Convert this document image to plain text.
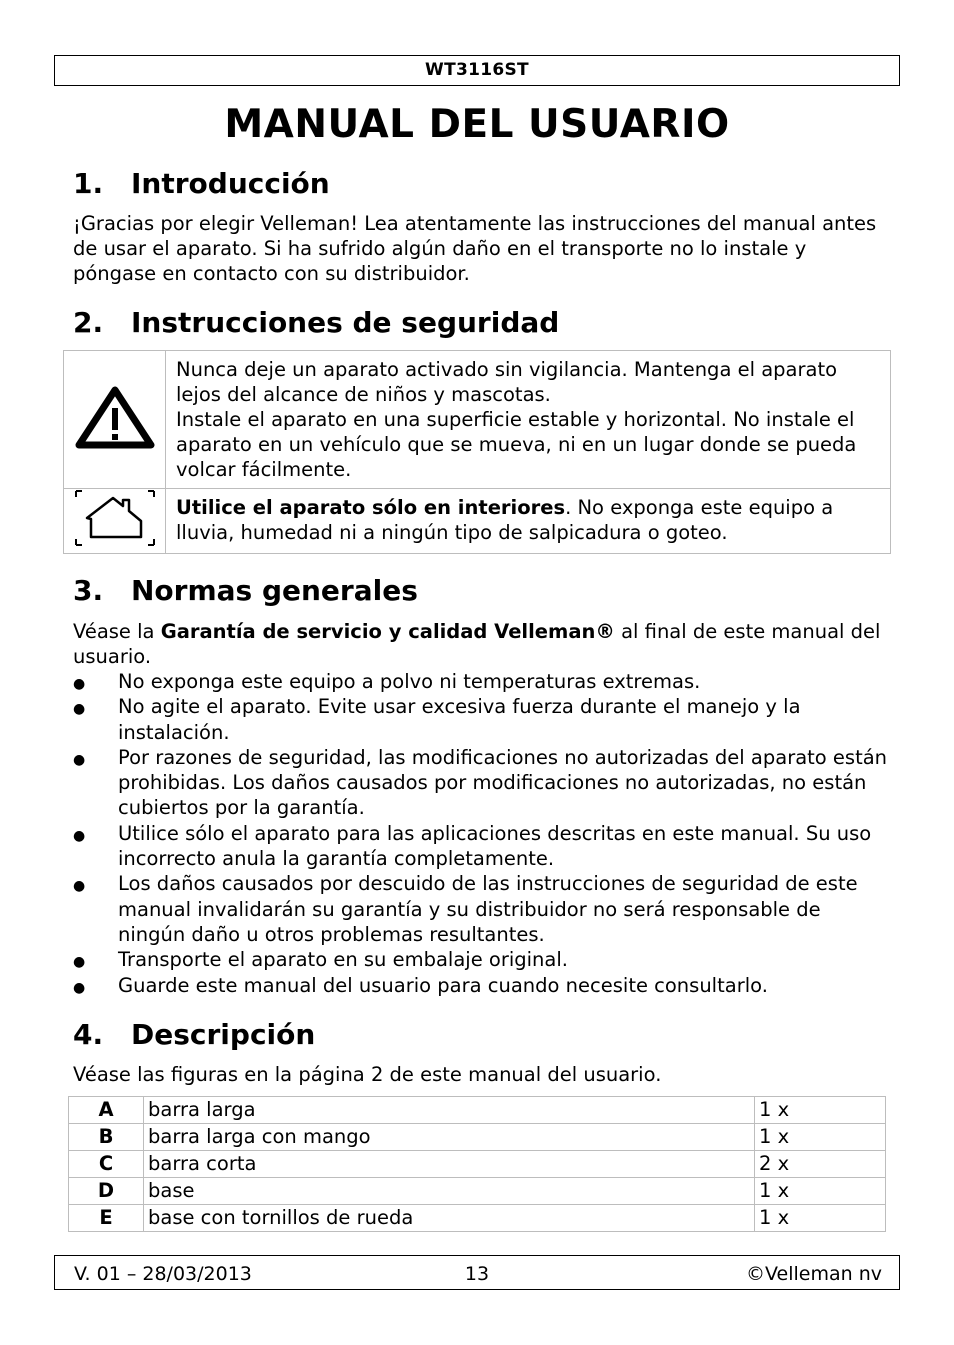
WT3116ST
MANUAL DEL USUARIO
1. Introducción
¡Gracias por elegir Velleman! Lea atentamente las instrucciones del manual antes de usar el aparato. Si ha sufrido algún daño en el transporte no lo instale y póngase en contacto con su distribuidor.
2. Instrucciones de seguridad

Nunca deje un aparato activado sin vigilancia. Mantenga el aparato lejos del alcance de niños y mascotas.
Instale el aparato en una superficie estable y horizontal. No instale el aparato en un vehículo que se mueva, ni en un lugar donde se pueda volcar fácilmente.

	Utilice el aparato sólo en interiores. No exponga este equipo a lluvia, humedad ni a ningún tipo de salpicadura o goteo.
3. Normas generales
Véase la Garantía de servicio y calidad Velleman® al final de este manual del usuario.
● No exponga este equipo a polvo ni temperaturas extremas.
● No agite el aparato. Evite usar excesiva fuerza durante el manejo y la instalación.
● Por razones de seguridad, las modificaciones no autorizadas del aparato están prohibidas. Los daños causados por modificaciones no autorizadas, no están cubiertos por la garantía.
● Utilice sólo el aparato para las aplicaciones descritas en este manual. Su uso incorrecto anula la garantía completamente.
● Los daños causados por descuido de las instrucciones de seguridad de este manual invalidarán su garantía y su distribuidor no será responsable de ningún daño u otros problemas resultantes.
● Transporte el aparato en su embalaje original.
● Guarde este manual del usuario para cuando necesite consultarlo.
4. Descripción
Véase las figuras en la página 2 de este manual del usuario.
A	barra larga	1 x
B	barra larga con mango	1 x
C	barra corta	2 x
D	base	1 x
E	base con tornillos de rueda	1 x
13
V. 01 – 28/03/2013	©Velleman nv
